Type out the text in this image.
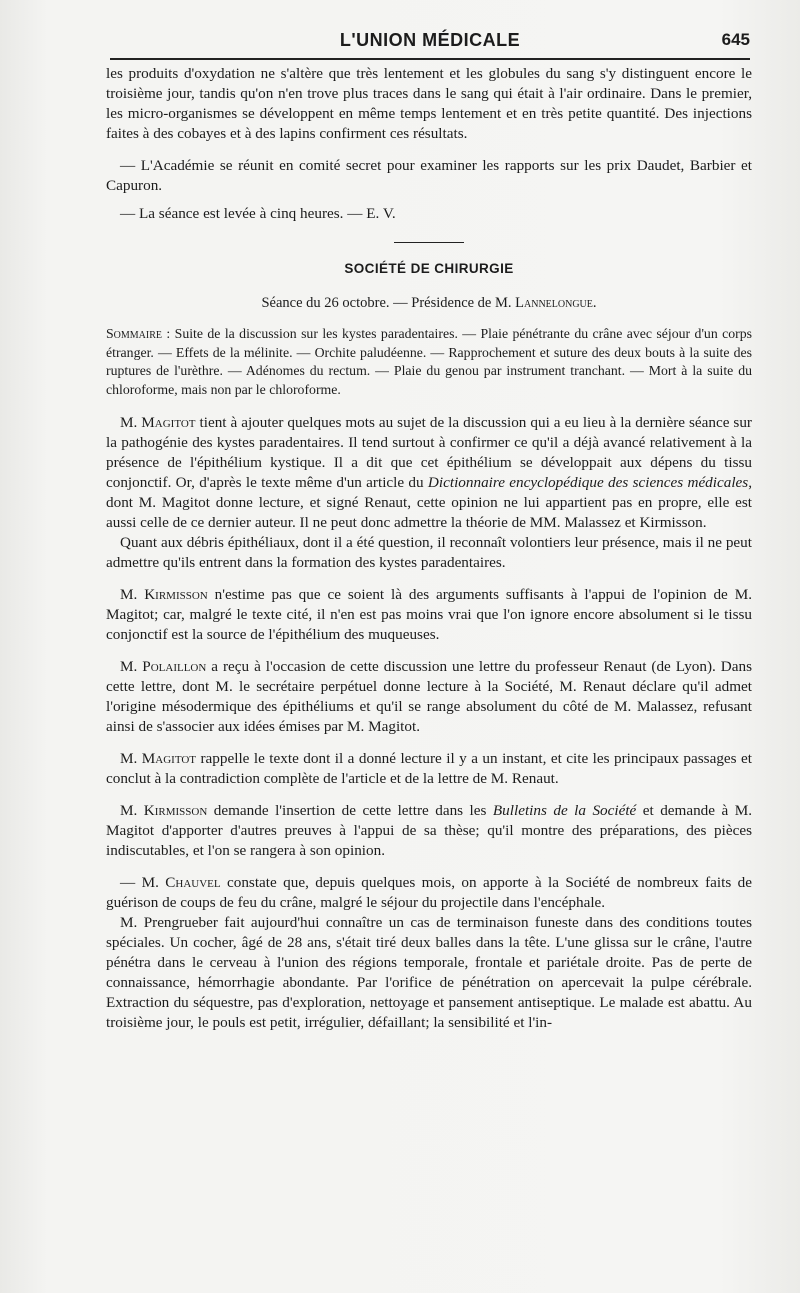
L'UNION MÉDICALE	645

les produits d'oxydation ne s'altère que très lentement et les globules du sang s'y distinguent encore le troisième jour, tandis qu'on n'en trove plus traces dans le sang qui était à l'air ordinaire. Dans le premier, les micro-organismes se développent en même temps lentement et en très petite quantité. Des injections faites à des cobayes et à des lapins confirment ces résultats.

— L'Académie se réunit en comité secret pour examiner les rapports sur les prix Daudet, Barbier et Capuron.

— La séance est levée à cinq heures. — E. V.

SOCIÉTÉ DE CHIRURGIE
Séance du 26 octobre. — Présidence de M. Lannelongue.

Sommaire : Suite de la discussion sur les kystes paradentaires. — Plaie pénétrante du crâne avec séjour d'un corps étranger. — Effets de la mélinite. — Orchite paludéenne. — Rapprochement et suture des deux bouts à la suite des ruptures de l'urèthre. — Adénomes du rectum. — Plaie du genou par instrument tranchant. — Mort à la suite du chloroforme, mais non par le chloroforme.

M. Magitot tient à ajouter quelques mots au sujet de la discussion qui a eu lieu à la dernière séance sur la pathogénie des kystes paradentaires. Il tend surtout à confirmer ce qu'il a déjà avancé relativement à la présence de l'épithélium kystique. Il a dit que cet épithélium se développait aux dépens du tissu conjonctif. Or, d'après le texte même d'un article du Dictionnaire encyclopédique des sciences médicales, dont M. Magitot donne lecture, et signé Renaut, cette opinion ne lui appartient pas en propre, elle est aussi celle de ce dernier auteur. Il ne peut donc admettre la théorie de MM. Malassez et Kirmisson.

Quant aux débris épithéliaux, dont il a été question, il reconnaît volontiers leur présence, mais il ne peut admettre qu'ils entrent dans la formation des kystes paradentaires.

M. Kirmisson n'estime pas que ce soient là des arguments suffisants à l'appui de l'opinion de M. Magitot; car, malgré le texte cité, il n'en est pas moins vrai que l'on ignore encore absolument si le tissu conjonctif est la source de l'épithélium des muqueuses.

M. Polaillon a reçu à l'occasion de cette discussion une lettre du professeur Renaut (de Lyon). Dans cette lettre, dont M. le secrétaire perpétuel donne lecture à la Société, M. Renaut déclare qu'il admet l'origine mésodermique des épithéliums et qu'il se range absolument du côté de M. Malassez, refusant ainsi de s'associer aux idées émises par M. Magitot.

M. Magitot rappelle le texte dont il a donné lecture il y a un instant, et cite les principaux passages et conclut à la contradiction complète de l'article et de la lettre de M. Renaut.

M. Kirmisson demande l'insertion de cette lettre dans les Bulletins de la Société et demande à M. Magitot d'apporter d'autres preuves à l'appui de sa thèse; qu'il montre des préparations, des pièces indiscutables, et l'on se rangera à son opinion.

— M. Chauvel constate que, depuis quelques mois, on apporte à la Société de nombreux faits de guérison de coups de feu du crâne, malgré le séjour du projectile dans l'encéphale.

M. Prengrueber fait aujourd'hui connaître un cas de terminaison funeste dans des conditions toutes spéciales. Un cocher, âgé de 28 ans, s'était tiré deux balles dans la tête. L'une glissa sur le crâne, l'autre pénétra dans le cerveau à l'union des régions temporale, frontale et pariétale droite. Pas de perte de connaissance, hémorrhagie abondante. Par l'orifice de pénétration on apercevait la pulpe cérébrale. Extraction du séquestre, pas d'exploration, nettoyage et pansement antiseptique. Le malade est abattu. Au troisième jour, le pouls est petit, irrégulier, défaillant; la sensibilité et l'in-
